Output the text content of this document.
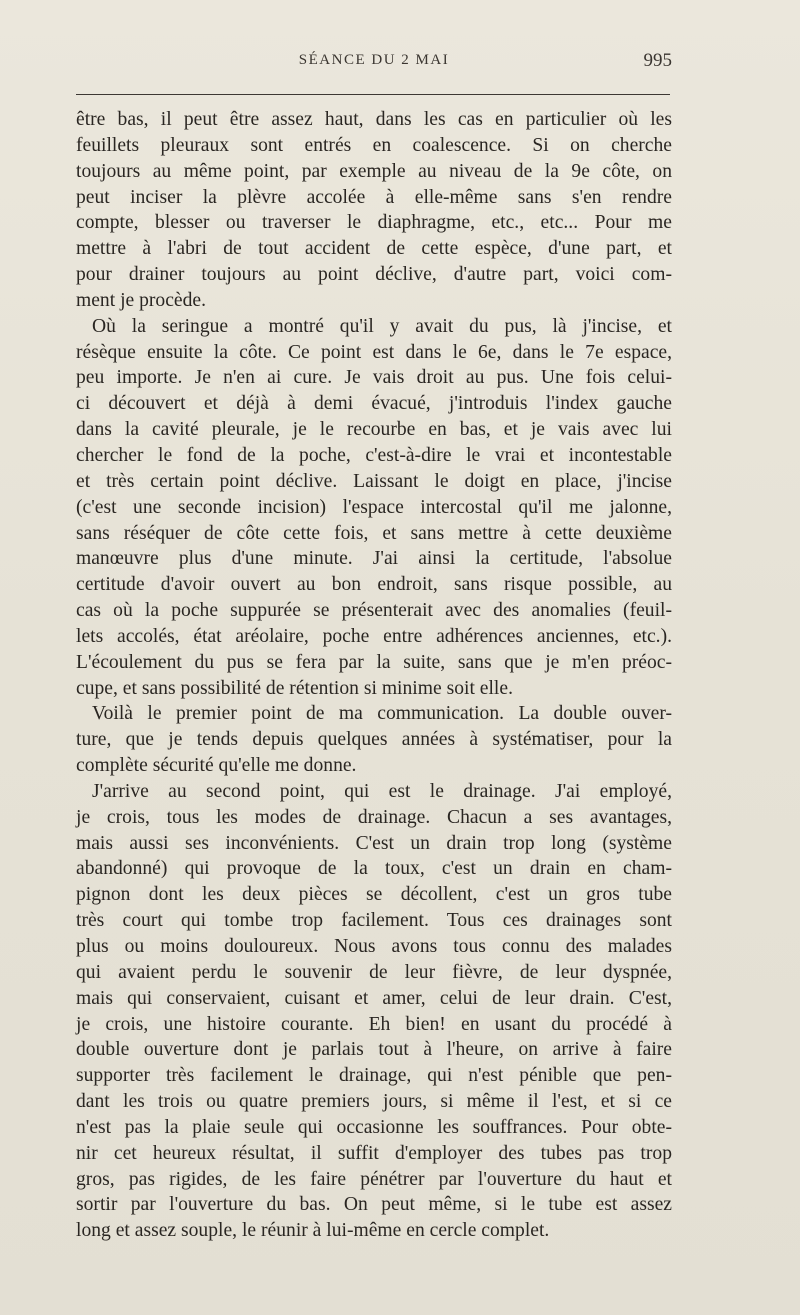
SÉANCE DU 2 MAI	995
être bas, il peut être assez haut, dans les cas en particulier où les
feuillets pleuraux sont entrés en coalescence. Si on cherche
toujours au même point, par exemple au niveau de la 9e côte, on
peut inciser la plèvre accolée à elle-même sans s'en rendre
compte, blesser ou traverser le diaphragme, etc., etc... Pour me
mettre à l'abri de tout accident de cette espèce, d'une part, et
pour drainer toujours au point déclive, d'autre part, voici com-
ment je procède.
Où la seringue a montré qu'il y avait du pus, là j'incise, et
résèque ensuite la côte. Ce point est dans le 6e, dans le 7e espace,
peu importe. Je n'en ai cure. Je vais droit au pus. Une fois celui-
ci découvert et déjà à demi évacué, j'introduis l'index gauche
dans la cavité pleurale, je le recourbe en bas, et je vais avec lui
chercher le fond de la poche, c'est-à-dire le vrai et incontestable
et très certain point déclive. Laissant le doigt en place, j'incise
(c'est une seconde incision) l'espace intercostal qu'il me jalonne,
sans réséquer de côte cette fois, et sans mettre à cette deuxième
manœuvre plus d'une minute. J'ai ainsi la certitude, l'absolue
certitude d'avoir ouvert au bon endroit, sans risque possible, au
cas où la poche suppurée se présenterait avec des anomalies (feuil-
lets accolés, état aréolaire, poche entre adhérences anciennes, etc.).
L'écoulement du pus se fera par la suite, sans que je m'en préoc-
cupe, et sans possibilité de rétention si minime soit elle.
Voilà le premier point de ma communication. La double ouver-
ture, que je tends depuis quelques années à systématiser, pour la
complète sécurité qu'elle me donne.
J'arrive au second point, qui est le drainage. J'ai employé,
je crois, tous les modes de drainage. Chacun a ses avantages,
mais aussi ses inconvénients. C'est un drain trop long (système
abandonné) qui provoque de la toux, c'est un drain en cham-
pignon dont les deux pièces se décollent, c'est un gros tube
très court qui tombe trop facilement. Tous ces drainages sont
plus ou moins douloureux. Nous avons tous connu des malades
qui avaient perdu le souvenir de leur fièvre, de leur dyspnée,
mais qui conservaient, cuisant et amer, celui de leur drain. C'est,
je crois, une histoire courante. Eh bien! en usant du procédé à
double ouverture dont je parlais tout à l'heure, on arrive à faire
supporter très facilement le drainage, qui n'est pénible que pen-
dant les trois ou quatre premiers jours, si même il l'est, et si ce
n'est pas la plaie seule qui occasionne les souffrances. Pour obte-
nir cet heureux résultat, il suffit d'employer des tubes pas trop
gros, pas rigides, de les faire pénétrer par l'ouverture du haut et
sortir par l'ouverture du bas. On peut même, si le tube est assez
long et assez souple, le réunir à lui-même en cercle complet.
